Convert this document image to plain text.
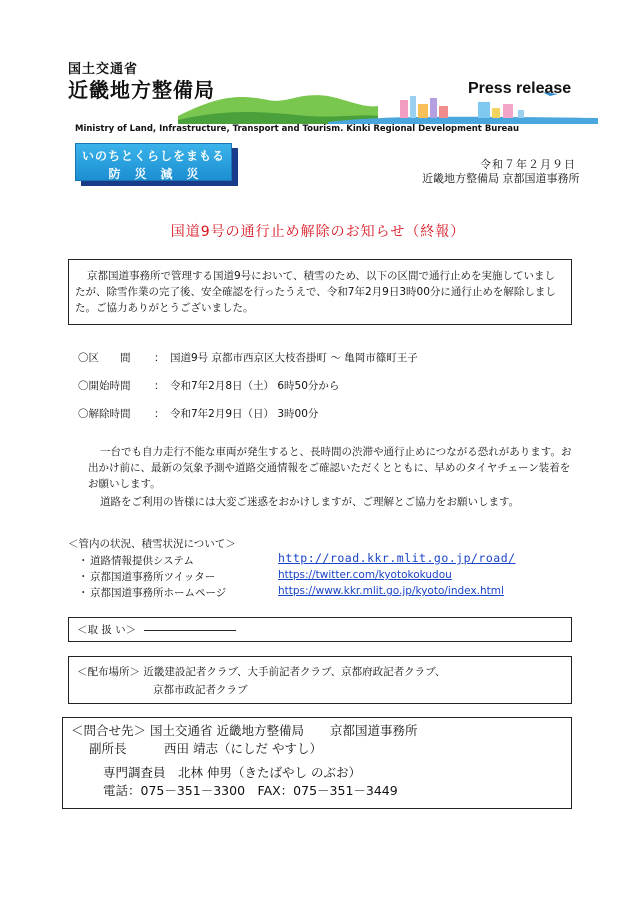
国土交通省
近畿地方整備局	Press release
Ministry of Land, Infrastructure, Transport and Tourism. Kinki Regional Development Bureau
いのちとくらしをまもる
防災減災
令和７年２月９日
近畿地方整備局 京都国道事務所
国道9号の通行止め解除のお知らせ（終報）
京都国道事務所で管理する国道9号において、積雪のため、以下の区間で通行止めを実施していましたが、除雪作業の完了後、安全確認を行ったうえで、令和7年2月9日3時00分に通行止めを解除しました。ご協力ありがとうございました。
〇区　　間 ： 国道9号 京都市西京区大枝沓掛町 ～ 亀岡市篠町王子
〇開始時間 ： 令和7年2月8日（土） 6時50分から
〇解除時間 ： 令和7年2月9日（日） 3時00分
一台でも自力走行不能な車両が発生すると、長時間の渋滞や通行止めにつながる恐れがあります。お出かけ前に、最新の気象予測や道路交通情報をご確認いただくとともに、早めのタイヤチェーン装着をお願いします。
道路をご利用の皆様には大変ご迷惑をおかけしますが、ご理解とご協力をお願いします。
＜管内の状況、積雪状況について＞
・ 道路情報提供システム	http://road.kkr.mlit.go.jp/road/
・ 京都国道事務所ツイッター	https://twitter.com/kyotokokudou
・ 京都国道事務所ホームページ	https://www.kkr.mlit.go.jp/kyoto/index.html
＜取 扱 い＞
＜配布場所＞ 近畿建設記者クラブ、大手前記者クラブ、京都府政記者クラブ、
京都市政記者クラブ
＜問合せ先＞ 国土交通省 近畿地方整備局 京都国道事務所
副所長　　　西田 靖志（にしだ やすし）
専門調査員　北林 伸男（きたばやし のぶお）
電話：075－351－3300　FAX：075－351－3449
